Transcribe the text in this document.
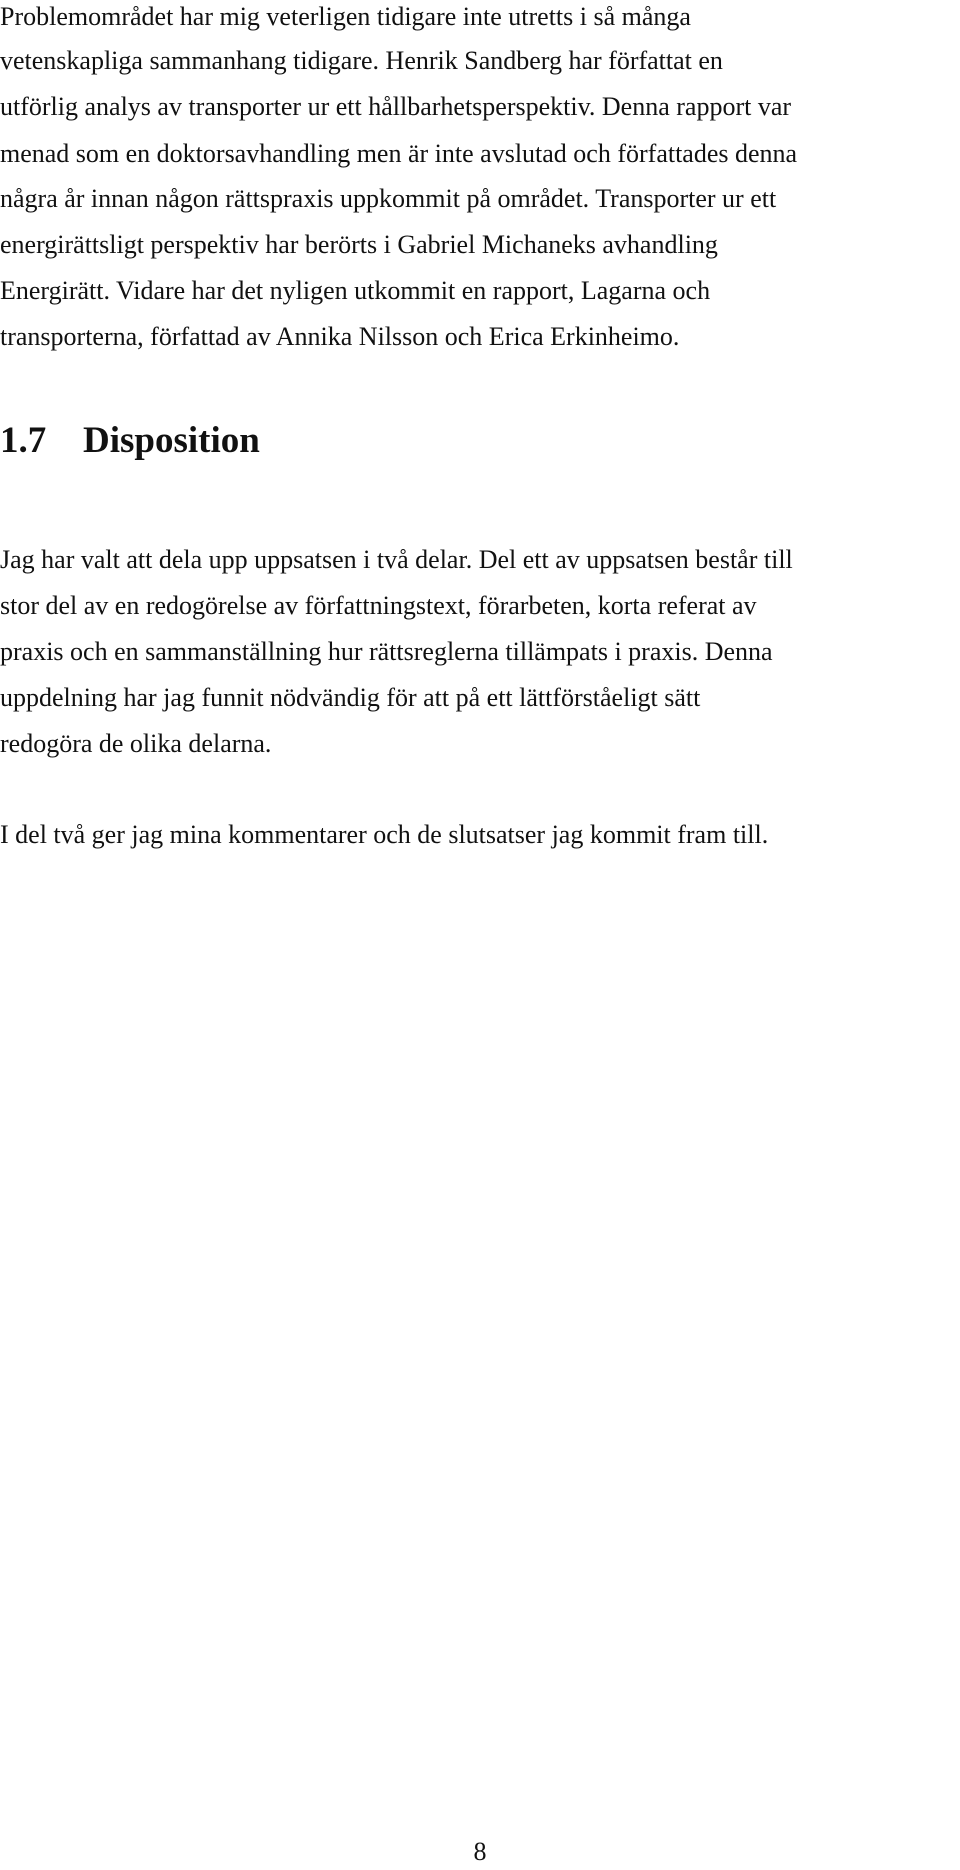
Problemområdet har mig veterligen tidigare inte utretts i så många

vetenskapliga sammanhang tidigare. Henrik Sandberg har författat en

utförlig analys av transporter ur ett hållbarhetsperspektiv. Denna rapport var

menad som en doktorsavhandling men är inte avslutad och författades denna

några år innan någon rättspraxis uppkommit på området. Transporter ur ett

energirättsligt perspektiv har berörts i Gabriel Michaneks avhandling

Energirätt. Vidare har det nyligen utkommit en rapport, Lagarna och

transporterna, författad av Annika Nilsson och Erica Erkinheimo.

1.7 Disposition

Jag har valt att dela upp uppsatsen i två delar. Del ett av uppsatsen består till

stor del av en redogörelse av författningstext, förarbeten, korta referat av

praxis och en sammanställning hur rättsreglerna tillämpats i praxis. Denna

uppdelning har jag funnit nödvändig för att på ett lättförståeligt sätt

redogöra de olika delarna.

I del två ger jag mina kommentarer och de slutsatser jag kommit fram till.

8
